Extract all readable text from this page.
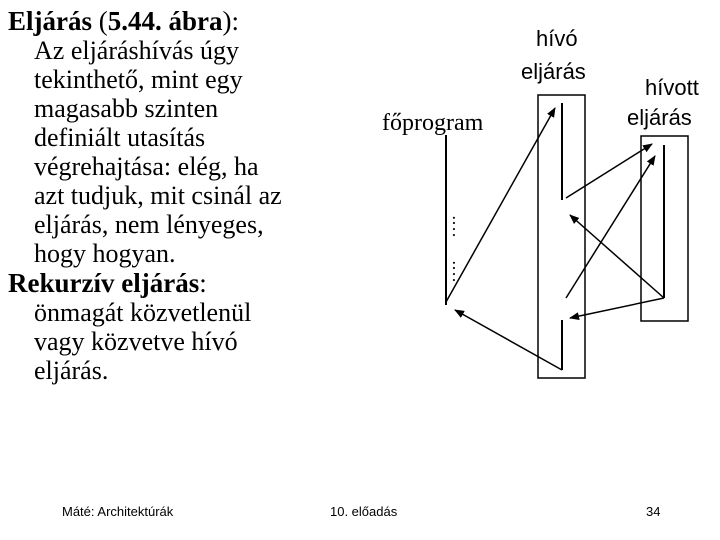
Eljárás (5.44. ábra):

Az eljáráshívás úgy

tekinthető, mint egy

magasabb szinten

definiált utasítás

végrehajtása: elég, ha

azt tudjuk, mit csinál az

eljárás, nem lényeges,

hogy hogyan.

Rekurzív eljárás:

önmagát közvetlenül

vagy közvetve hívó

eljárás.

….
….
főprogram
hívó
eljárás
hívott
eljárás
Máté: Architektúrák	10. előadás	34
